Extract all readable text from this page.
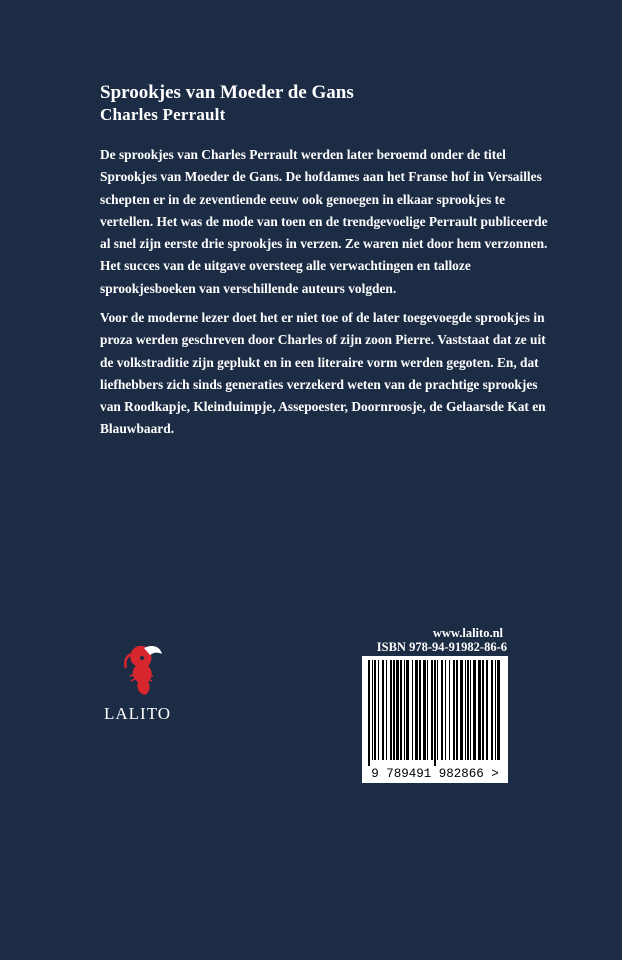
Sprookjes van Moeder de Gans
Charles Perrault
De sprookjes van Charles Perrault werden later beroemd onder de titel
Sprookjes van Moeder de Gans. De hofdames aan het Franse hof in Versailles
schepten er in de zeventiende eeuw ook genoegen in elkaar sprookjes te
vertellen. Het was de mode van toen en de trendgevoelige Perrault publiceerde
al snel zijn eerste drie sprookjes in verzen. Ze waren niet door hem verzonnen.
Het succes van de uitgave oversteeg alle verwachtingen en talloze
sprookjesboeken van verschillende auteurs volgden.
Voor de moderne lezer doet het er niet toe of de later toegevoegde sprookjes in
proza werden geschreven door Charles of zijn zoon Pierre. Vaststaat dat ze uit
de volkstraditie zijn geplukt en in een literaire vorm werden gegoten. En, dat
liefhebbers zich sinds generaties verzekerd weten van de prachtige sprookjes
van Roodkapje, Kleinduimpje, Assepoester, Doornroosje, de Gelaarsde Kat en
Blauwbaard.
LALITO
www.lalito.nl
ISBN 978-94-91982-86-6
9 789491 982866 >
